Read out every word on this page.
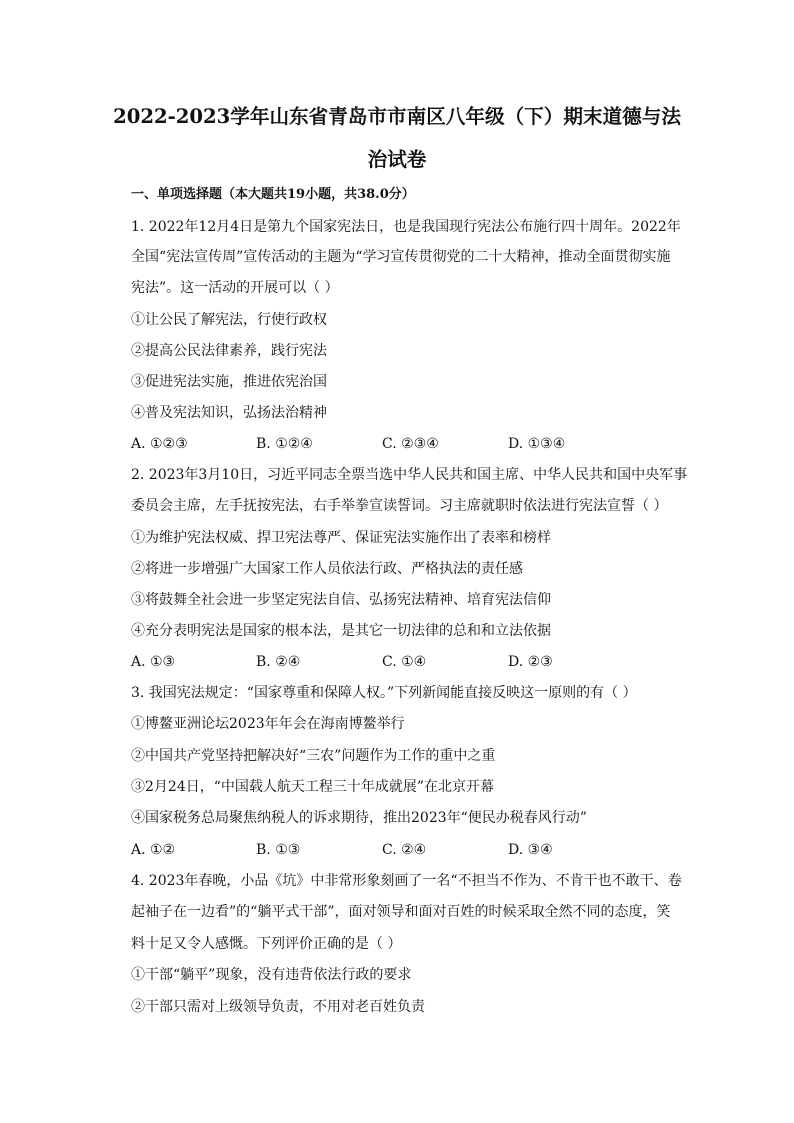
2022-2023学年山东省青岛市市南区八年级（下）期末道德与法
治试卷
一、单项选择题（本大题共19小题，共38.0分）
1. 2022年12月4日是第九个国家宪法日，也是我国现行宪法公布施行四十周年。2022年
全国“宪法宣传周”宣传活动的主题为“学习宣传贯彻党的二十大精神，推动全面贯彻实施
宪法”。这一活动的开展可以（ ）
①让公民了解宪法，行使行政权
②提高公民法律素养，践行宪法
③促进宪法实施，推进依宪治国
④普及宪法知识，弘扬法治精神
A. ①②③	B. ①②④	C. ②③④	D. ①③④
2. 2023年3月10日，习近平同志全票当选中华人民共和国主席、中华人民共和国中央军事
委员会主席，左手抚按宪法，右手举拳宣读誓词。习主席就职时依法进行宪法宣誓（ ）
①为维护宪法权威、捍卫宪法尊严、保证宪法实施作出了表率和榜样
②将进一步增强广大国家工作人员依法行政、严格执法的责任感
③将鼓舞全社会进一步坚定宪法自信、弘扬宪法精神、培育宪法信仰
④充分表明宪法是国家的根本法，是其它一切法律的总和和立法依据
A. ①③	B. ②④	C. ①④	D. ②③
3. 我国宪法规定：“国家尊重和保障人权。”下列新闻能直接反映这一原则的有（ ）
①博鳌亚洲论坛2023年年会在海南博鳌举行
②中国共产党坚持把解决好“三农”问题作为工作的重中之重
③2月24日，“中国载人航天工程三十年成就展”在北京开幕
④国家税务总局聚焦纳税人的诉求期待，推出2023年“便民办税春风行动”
A. ①②	B. ①③	C. ②④	D. ③④
4. 2023年春晚，小品《坑》中非常形象刻画了一名“不担当不作为、不肯干也不敢干、卷
起袖子在一边看”的“躺平式干部”，面对领导和面对百姓的时候采取全然不同的态度，笑
料十足又令人感慨。下列评价正确的是（ ）
①干部“躺平”现象，没有违背依法行政的要求
②干部只需对上级领导负责，不用对老百姓负责
